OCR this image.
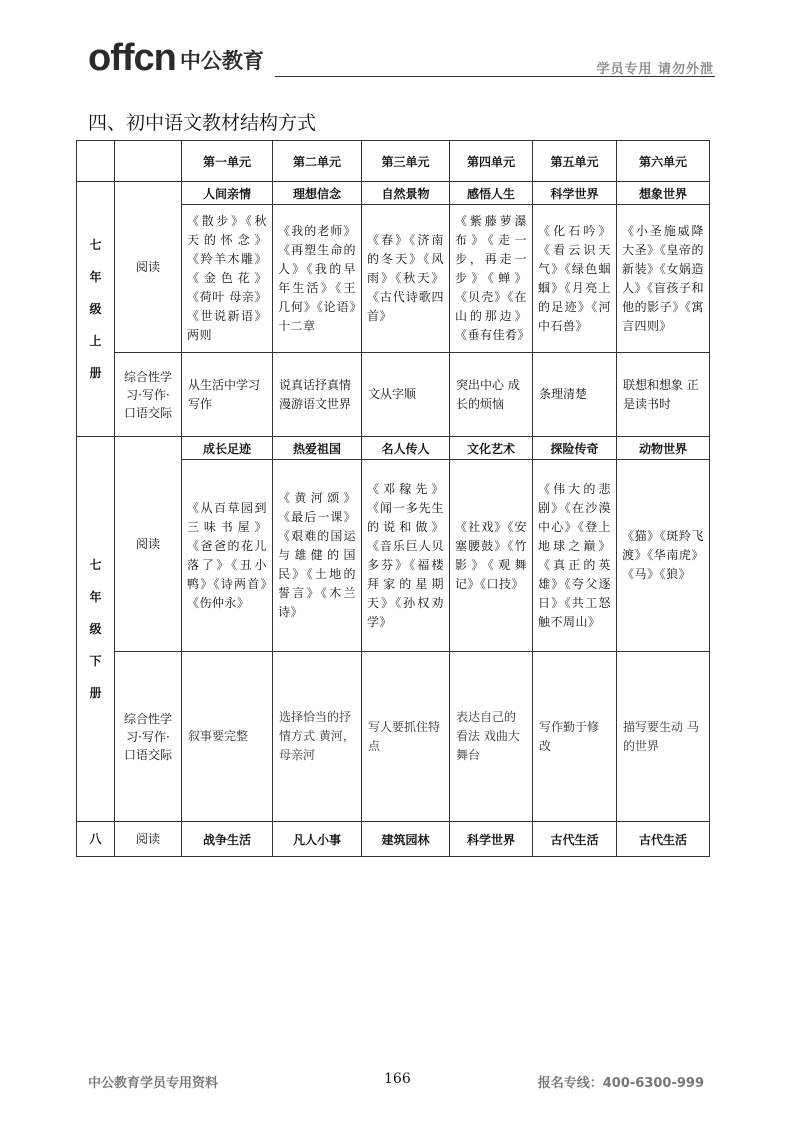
offcn 中公教育	学员专用 请勿外泄
四、初中语文教材结构方式
		第一单元	第二单元	第三单元	第四单元	第五单元	第六单元

七
年
级
上
册	阅读	人间亲情	理想信念	自然景物	感悟人生	科学世界	想象世界
		《散步》《秋天的怀念》《羚羊木雕》《金色花》《荷叶 母亲》《世说新语》两则	《我的老师》《再塑生命的人》《我的早年生活》《王几何》《论语》十二章	《春》《济南的冬天》《风雨》《秋天》《古代诗歌四首》	《紫藤萝瀑布》《走一步，再走一步》《蝉》《贝壳》《在山的那边》《垂有佳肴》	《化石吟》《看云识天气》《绿色蝈蝈》《月亮上的足迹》《河中石兽》	《小圣施威降大圣》《皇帝的新装》《女娲造人》《盲孩子和他的影子》《寓言四则》
	综合性学习·写作·口语交际	从生活中学习写作	说真话抒真情 漫游语文世界	文从字顺	突出中心 成长的烦恼	条理清楚	联想和想象 正是读书时

七
年
级
下
册	阅读	成长足迹	热爱祖国	名人传人	文化艺术	探险传奇	动物世界
		《从百草园到三味书屋》《爸爸的花儿落了》《丑小鸭》《诗两首》《伤仲永》	《黄河颂》《最后一课》《艰难的国运与雄健的国民》《土地的誓言》《木兰诗》	《邓稼先》《闻一多先生的说和做》《音乐巨人贝多芬》《福楼拜家的星期天》《孙权劝学》	《社戏》《安塞腰鼓》《竹影》《观舞记》《口技》	《伟大的悲剧》《在沙漠中心》《登上地球之巅》《真正的英雄》《夸父逐日》《共工怒触不周山》	《猫》《斑羚飞渡》《华南虎》《马》《狼》
	综合性学习·写作·口语交际	叙事要完整	选择恰当的抒情方式 黄河，母亲河	写人要抓住特点	表达自己的看法 戏曲大舞台	写作勤于修改	描写要生动 马的世界

八	阅读	战争生活	凡人小事	建筑园林	科学世界	古代生活	古代生活
中公教育学员专用资料	166	报名专线：400-6300-999
